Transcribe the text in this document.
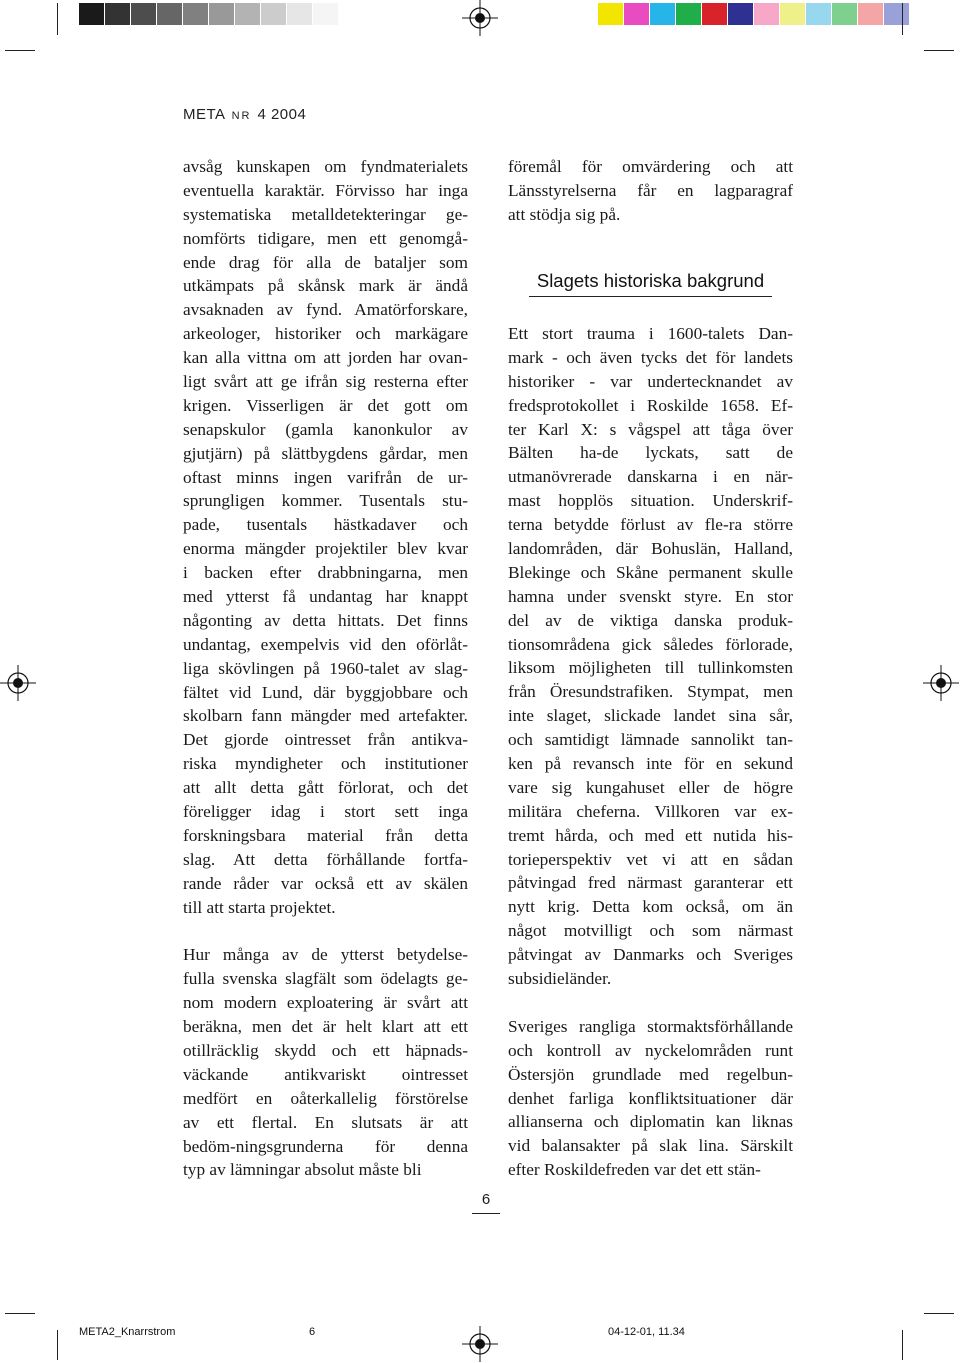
META NR 4 2004
avsåg kunskapen om fyndmaterialets
eventuella karaktär. Förvisso har inga
systematiska metalldetekteringar ge-
nomförts tidigare, men ett genomgå-
ende drag för alla de bataljer som
utkämpats på skånsk mark är ändå
avsaknaden av fynd. Amatörforskare,
arkeologer, historiker och markägare
kan alla vittna om att jorden har ovan-
ligt svårt att ge ifrån sig resterna efter
krigen. Visserligen är det gott om
senapskulor (gamla kanonkulor av
gjutjärn) på slättbygdens gårdar, men
oftast minns ingen varifrån de ur-
sprungligen kommer. Tusentals stu-
pade, tusentals hästkadaver och
enorma mängder projektiler blev kvar
i backen efter drabbningarna, men
med ytterst få undantag har knappt
någonting av detta hittats. Det finns
undantag, exempelvis vid den oförlåt-
liga skövlingen på 1960-talet av slag-
fältet vid Lund, där byggjobbare och
skolbarn fann mängder med artefakter.
Det gjorde ointresset från antikva-
riska myndigheter och institutioner
att allt detta gått förlorat, och det
föreligger idag i stort sett inga
forskningsbara material från detta
slag. Att detta förhållande fortfa-
rande råder var också ett av skälen
till att starta projektet.
Hur många av de ytterst betydelse-
fulla svenska slagfält som ödelagts ge-
nom modern exploatering är svårt att
beräkna, men det är helt klart att ett
otillräcklig skydd och ett häpnads-
väckande antikvariskt ointresset
medfört en oåterkallelig förstörelse
av ett flertal. En slutsats är att
bedöm-ningsgrunderna för denna
typ av lämningar absolut måste bli
föremål för omvärdering och att
Länsstyrelserna får en lagparagraf
att stödja sig på.
Slagets historiska bakgrund
Ett stort trauma i 1600-talets Dan-
mark - och även tycks det för landets
historiker - var undertecknandet av
fredsprotokollet i Roskilde 1658. Ef-
ter Karl X: s vågspel att tåga över
Bälten ha-de lyckats, satt de
utmanövrerade danskarna i en när-
mast hopplös situation. Underskrif-
terna betydde förlust av fle-ra större
landområden, där Bohuslän, Halland,
Blekinge och Skåne permanent skulle
hamna under svenskt styre. En stor
del av de viktiga danska produk-
tionsområdena gick således förlorade,
liksom möjligheten till tullinkomsten
från Öresundstrafiken. Stympat, men
inte slaget, slickade landet sina sår,
och samtidigt lämnade sannolikt tan-
ken på revansch inte för en sekund
vare sig kungahuset eller de högre
militära cheferna. Villkoren var ex-
tremt hårda, och med ett nutida his-
torieperspektiv vet vi att en sådan
påtvingad fred närmast garanterar ett
nytt krig. Detta kom också, om än
något motvilligt och som närmast
påtvingat av Danmarks och Sveriges
subsidieländer.
Sveriges rangliga stormaktsförhållande
och kontroll av nyckelområden runt
Östersjön grundlade med regelbun-
denhet farliga konfliktsituationer där
allianserna och diplomatin kan liknas
vid balansakter på slak lina. Särskilt
efter Roskildefreden var det ett stän-
6
META2_Knarrstrom	6	04-12-01, 11.34
